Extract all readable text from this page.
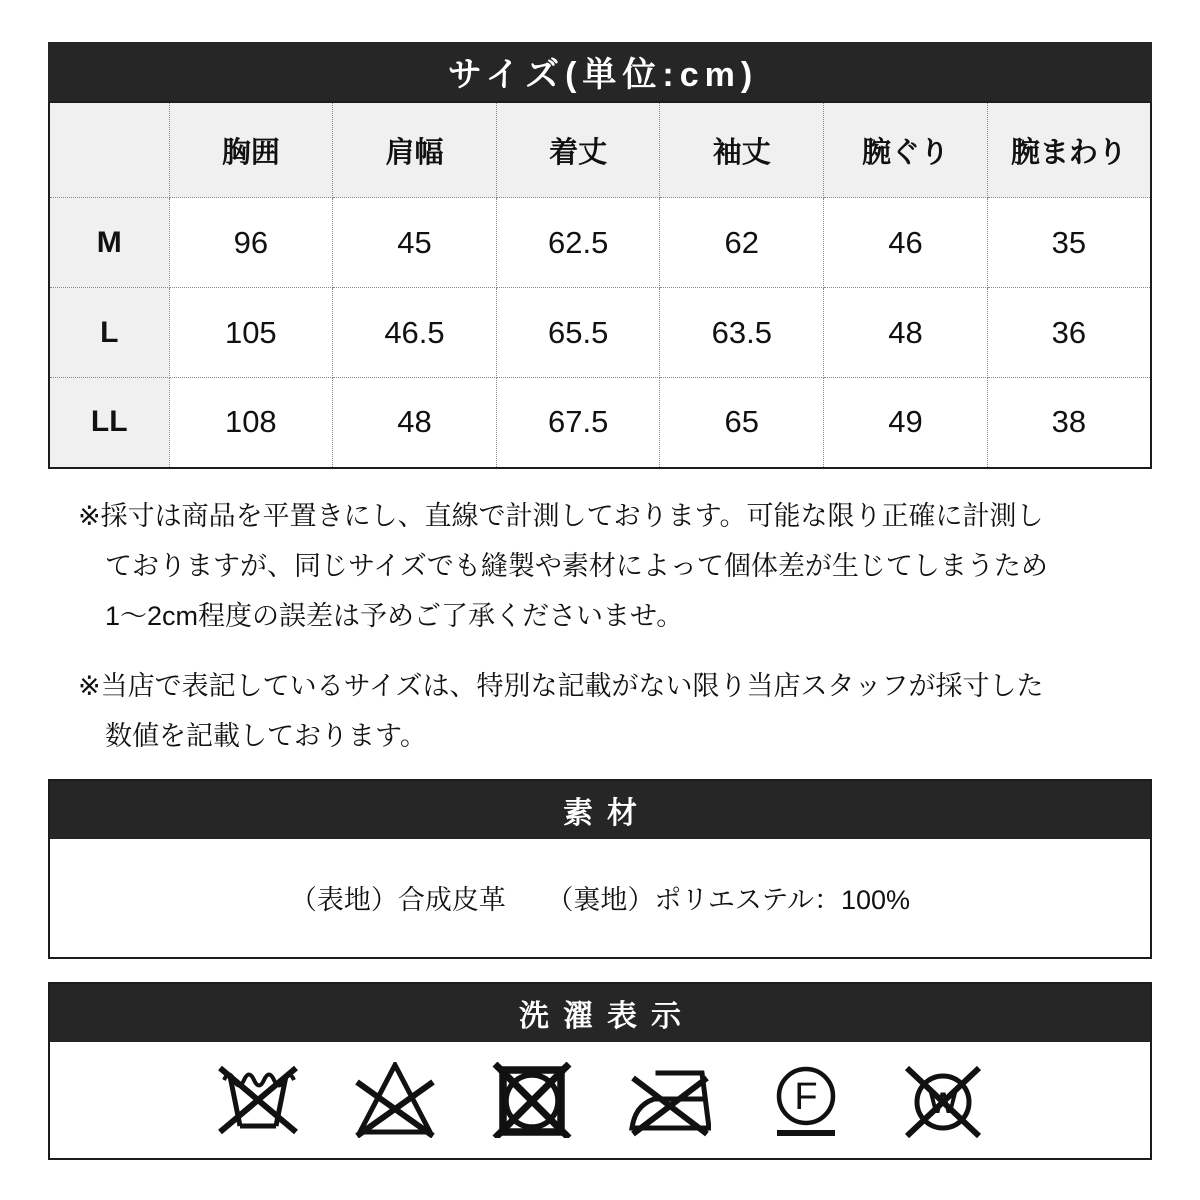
サイズ(単位:cm)
	胸囲	肩幅	着丈	袖丈	腕ぐり	腕まわり
M	96	45	62.5	62	46	35
L	105	46.5	65.5	63.5	48	36
LL	108	48	67.5	65	49	38
※採寸は商品を平置きにし、直線で計測しております。可能な限り正確に計測し
ておりますが、同じサイズでも縫製や素材によって個体差が生じてしまうため
1〜2cm程度の誤差は予めご了承くださいませ。
※当店で表記しているサイズは、特別な記載がない限り当店スタッフが採寸した
数値を記載しております。
素材
（表地）合成皮革　　（裏地）ポリエステル：100%
洗濯表示
F	W
